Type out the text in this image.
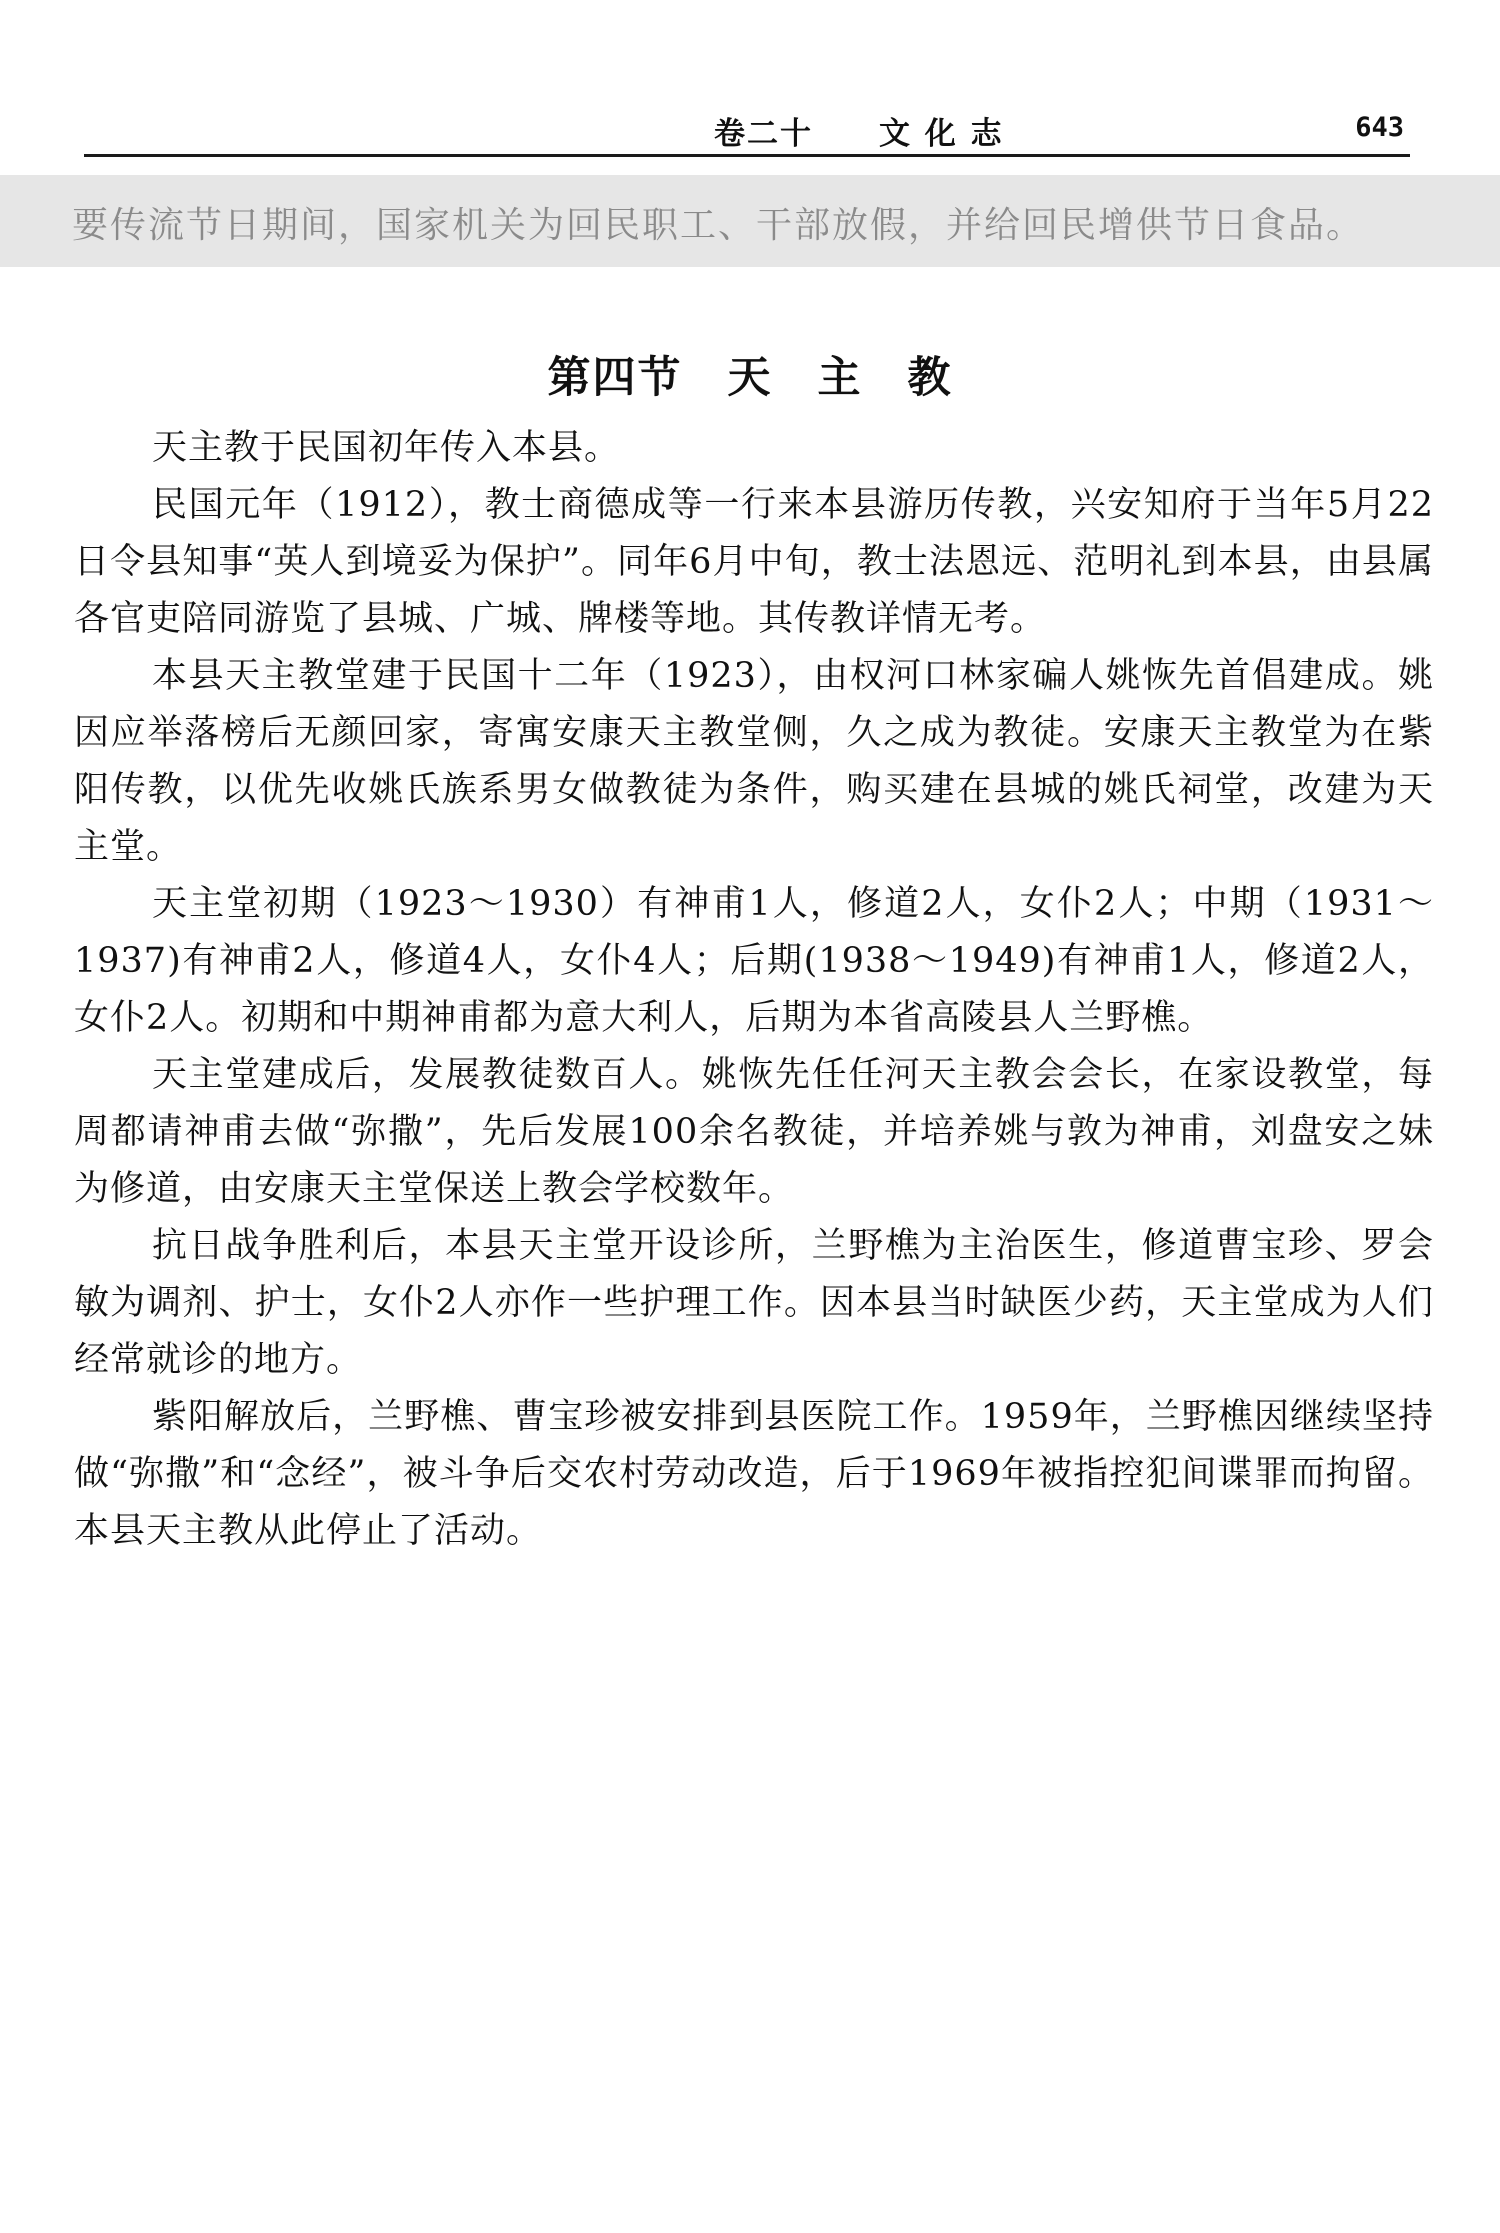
卷二十　　文 化 志	643
要传流节日期间，国家机关为回民职工、干部放假，并给回民增供节日食品。
第四节　天　主　教

天主教于民国初年传入本县。

民国元年（1912），教士商德成等一行来本县游历传教，兴安知府于当年5月22日令县知事“英人到境妥为保护”。同年6月中旬，教士法恩远、范明礼到本县，由县属各官吏陪同游览了县城、广城、牌楼等地。其传教详情无考。

本县天主教堂建于民国十二年（1923），由权河口林家碥人姚恢先首倡建成。姚因应举落榜后无颜回家，寄寓安康天主教堂侧，久之成为教徒。安康天主教堂为在紫阳传教，以优先收姚氏族系男女做教徒为条件，购买建在县城的姚氏祠堂，改建为天主堂。

天主堂初期（1923～1930）有神甫1人，修道2人，女仆2人；中期（1931～1937)有神甫2人，修道4人，女仆4人；后期(1938～1949)有神甫1人，修道2人，女仆2人。初期和中期神甫都为意大利人，后期为本省高陵县人兰野樵。

天主堂建成后，发展教徒数百人。姚恢先任任河天主教会会长，在家设教堂，每周都请神甫去做“弥撒”，先后发展100余名教徒，并培养姚与敦为神甫，刘盘安之妹为修道，由安康天主堂保送上教会学校数年。

抗日战争胜利后，本县天主堂开设诊所，兰野樵为主治医生，修道曹宝珍、罗会敏为调剂、护士，女仆2人亦作一些护理工作。因本县当时缺医少药，天主堂成为人们经常就诊的地方。

紫阳解放后，兰野樵、曹宝珍被安排到县医院工作。1959年，兰野樵因继续坚持做“弥撒”和“念经”，被斗争后交农村劳动改造，后于1969年被指控犯间谍罪而拘留。本县天主教从此停止了活动。
